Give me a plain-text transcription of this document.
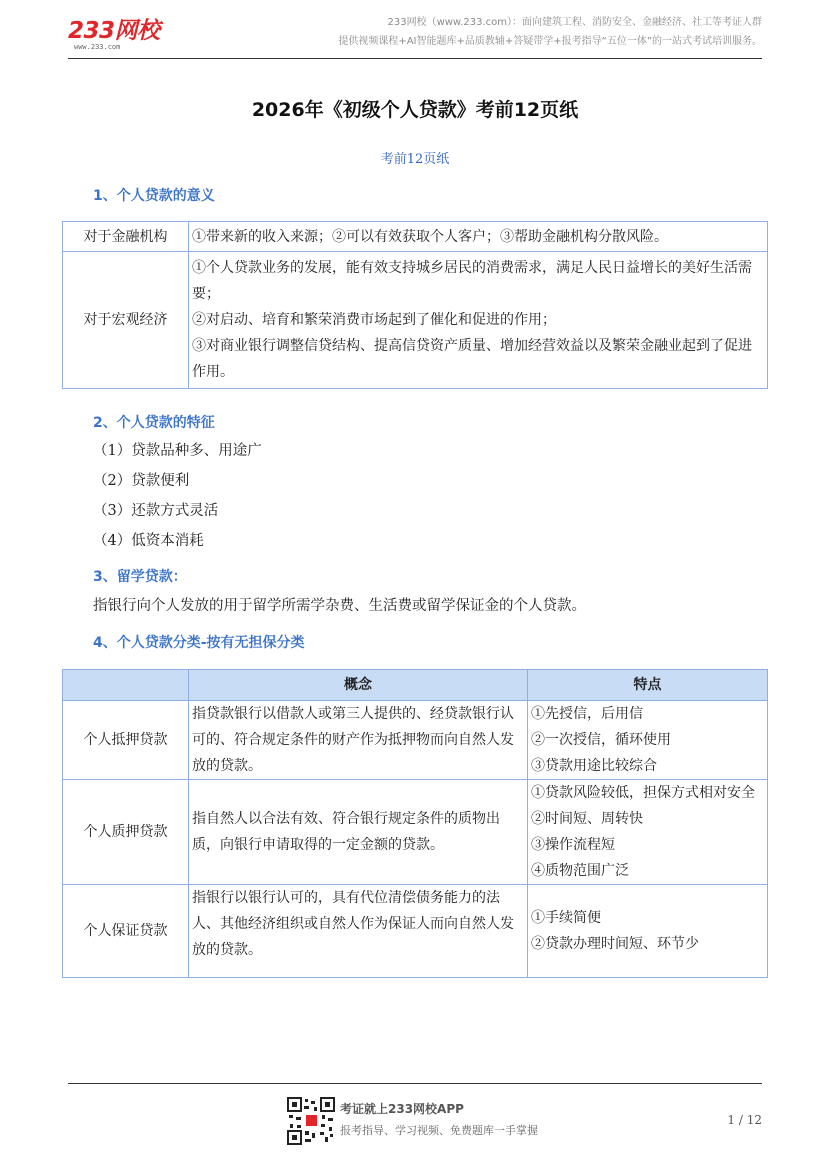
233网校
www.233.com
233网校（www.233.com）：面向建筑工程、消防安全、金融经济、社工等考证人群
提供视频课程+AI智能题库+品质教辅+答疑带学+报考指导“五位一体”的一站式考试培训服务。
2026年《初级个人贷款》考前12页纸
考前12页纸
1、个人贷款的意义
对于金融机构	①带来新的收入来源；②可以有效获取个人客户；③帮助金融机构分散风险。

对于宏观经济	①个人贷款业务的发展，能有效支持城乡居民的消费需求，满足人民日益增长的美好生活需要；
②对启动、培育和繁荣消费市场起到了催化和促进的作用；
③对商业银行调整信贷结构、提高信贷资产质量、增加经营效益以及繁荣金融业起到了促进作用。
2、个人贷款的特征
（1）贷款品种多、用途广
（2）贷款便利
（3）还款方式灵活
（4）低资本消耗
3、留学贷款：
指银行向个人发放的用于留学所需学杂费、生活费或留学保证金的个人贷款。
4、个人贷款分类-按有无担保分类
	概念	特点
个人抵押贷款	指贷款银行以借款人或第三人提供的、经贷款银行认可的、符合规定条件的财产作为抵押物而向自然人发放的贷款。	①先授信，后用信
②一次授信，循环使用
③贷款用途比较综合

个人质押贷款	指自然人以合法有效、符合银行规定条件的质物出质，向银行申请取得的一定金额的贷款。	①贷款风险较低，担保方式相对安全
②时间短、周转快
③操作流程短
④质物范围广泛

个人保证贷款	指银行以银行认可的，具有代位清偿债务能力的法人、其他经济组织或自然人作为保证人而向自然人发放的贷款。	①手续简便
②贷款办理时间短、环节少
考证就上233网校APP
报考指导、学习视频、免费题库一手掌握
1 / 12
